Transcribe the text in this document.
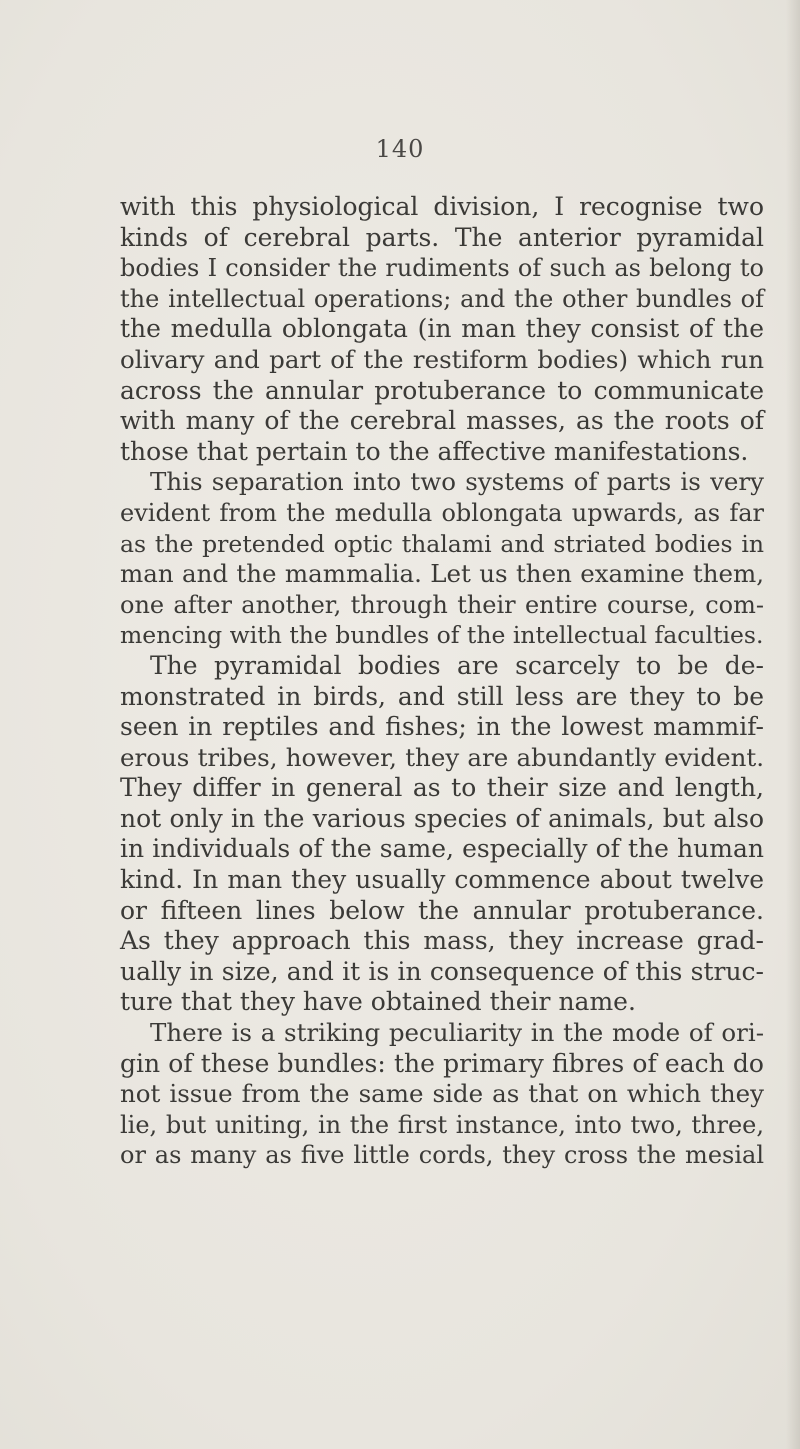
140
with this physiological division, I recognise two
kinds of cerebral parts. The anterior pyramidal
bodies I consider the rudiments of such as belong to
the intellectual operations; and the other bundles of
the medulla oblongata (in man they consist of the
olivary and part of the restiform bodies) which run
across the annular protuberance to communicate
with many of the cerebral masses, as the roots of
those that pertain to the affective manifestations.
This separation into two systems of parts is very
evident from the medulla oblongata upwards, as far
as the pretended optic thalami and striated bodies in
man and the mammalia. Let us then examine them,
one after another, through their entire course, com-
mencing with the bundles of the intellectual faculties.
The pyramidal bodies are scarcely to be de-
monstrated in birds, and still less are they to be
seen in reptiles and fishes; in the lowest mammif-
erous tribes, however, they are abundantly evident.
They differ in general as to their size and length,
not only in the various species of animals, but also
in individuals of the same, especially of the human
kind. In man they usually commence about twelve
or fifteen lines below the annular protuberance.
As they approach this mass, they increase grad-
ually in size, and it is in consequence of this struc-
ture that they have obtained their name.
There is a striking peculiarity in the mode of ori-
gin of these bundles: the primary fibres of each do
not issue from the same side as that on which they
lie, but uniting, in the first instance, into two, three,
or as many as five little cords, they cross the mesial
